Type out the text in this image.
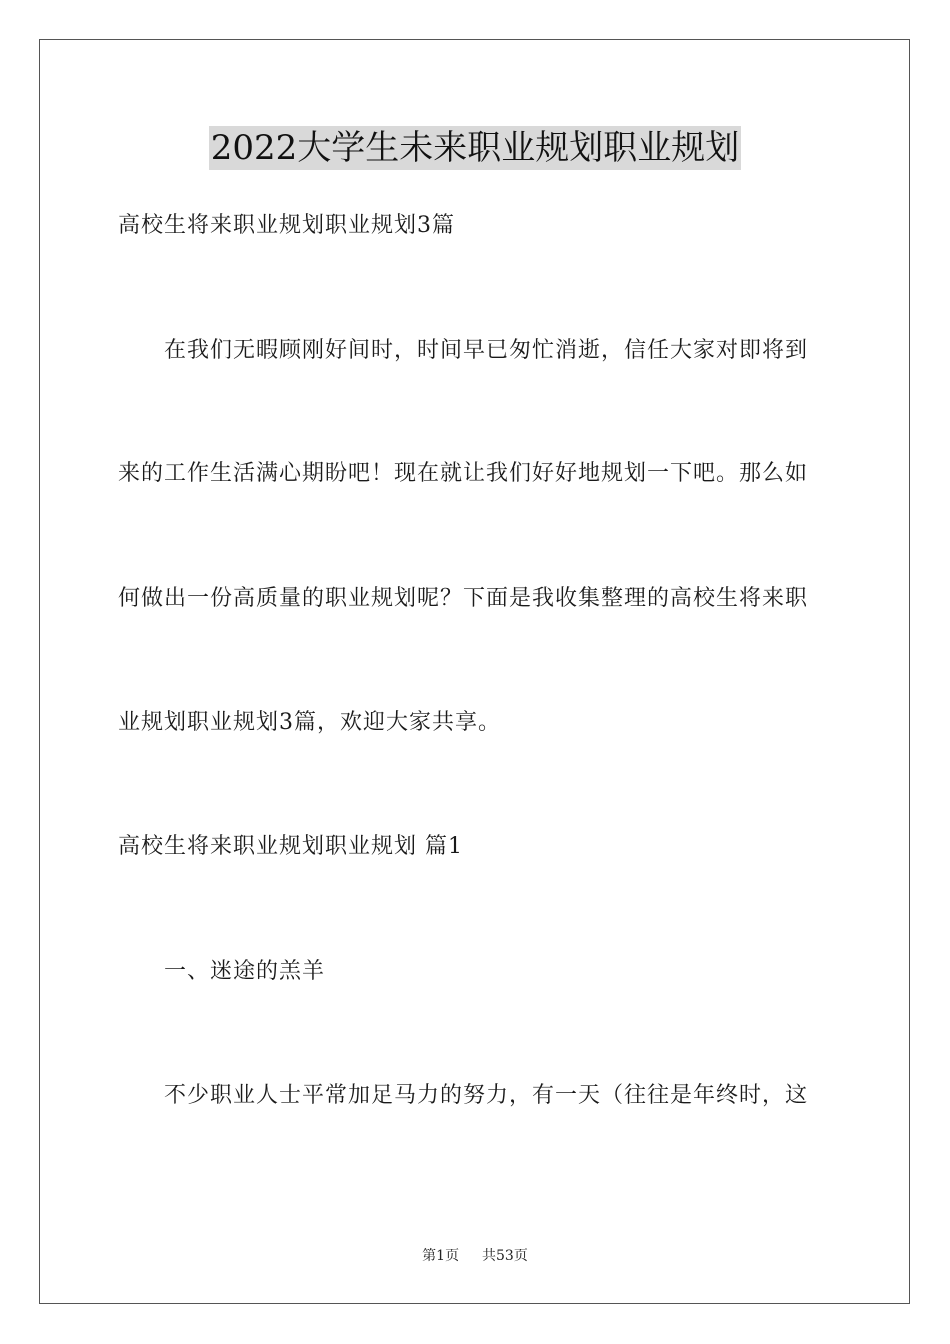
2022大学生未来职业规划职业规划
高校生将来职业规划职业规划3篇
在我们无暇顾刚好间时，时间早已匆忙消逝，信任大家对即将到
来的工作生活满心期盼吧！现在就让我们好好地规划一下吧。那么如
何做出一份高质量的职业规划呢？下面是我收集整理的高校生将来职
业规划职业规划3篇，欢迎大家共享。
高校生将来职业规划职业规划 篇1
一、迷途的羔羊
不少职业人士平常加足马力的努力，有一天（往往是年终时，这
第1页 共53页
